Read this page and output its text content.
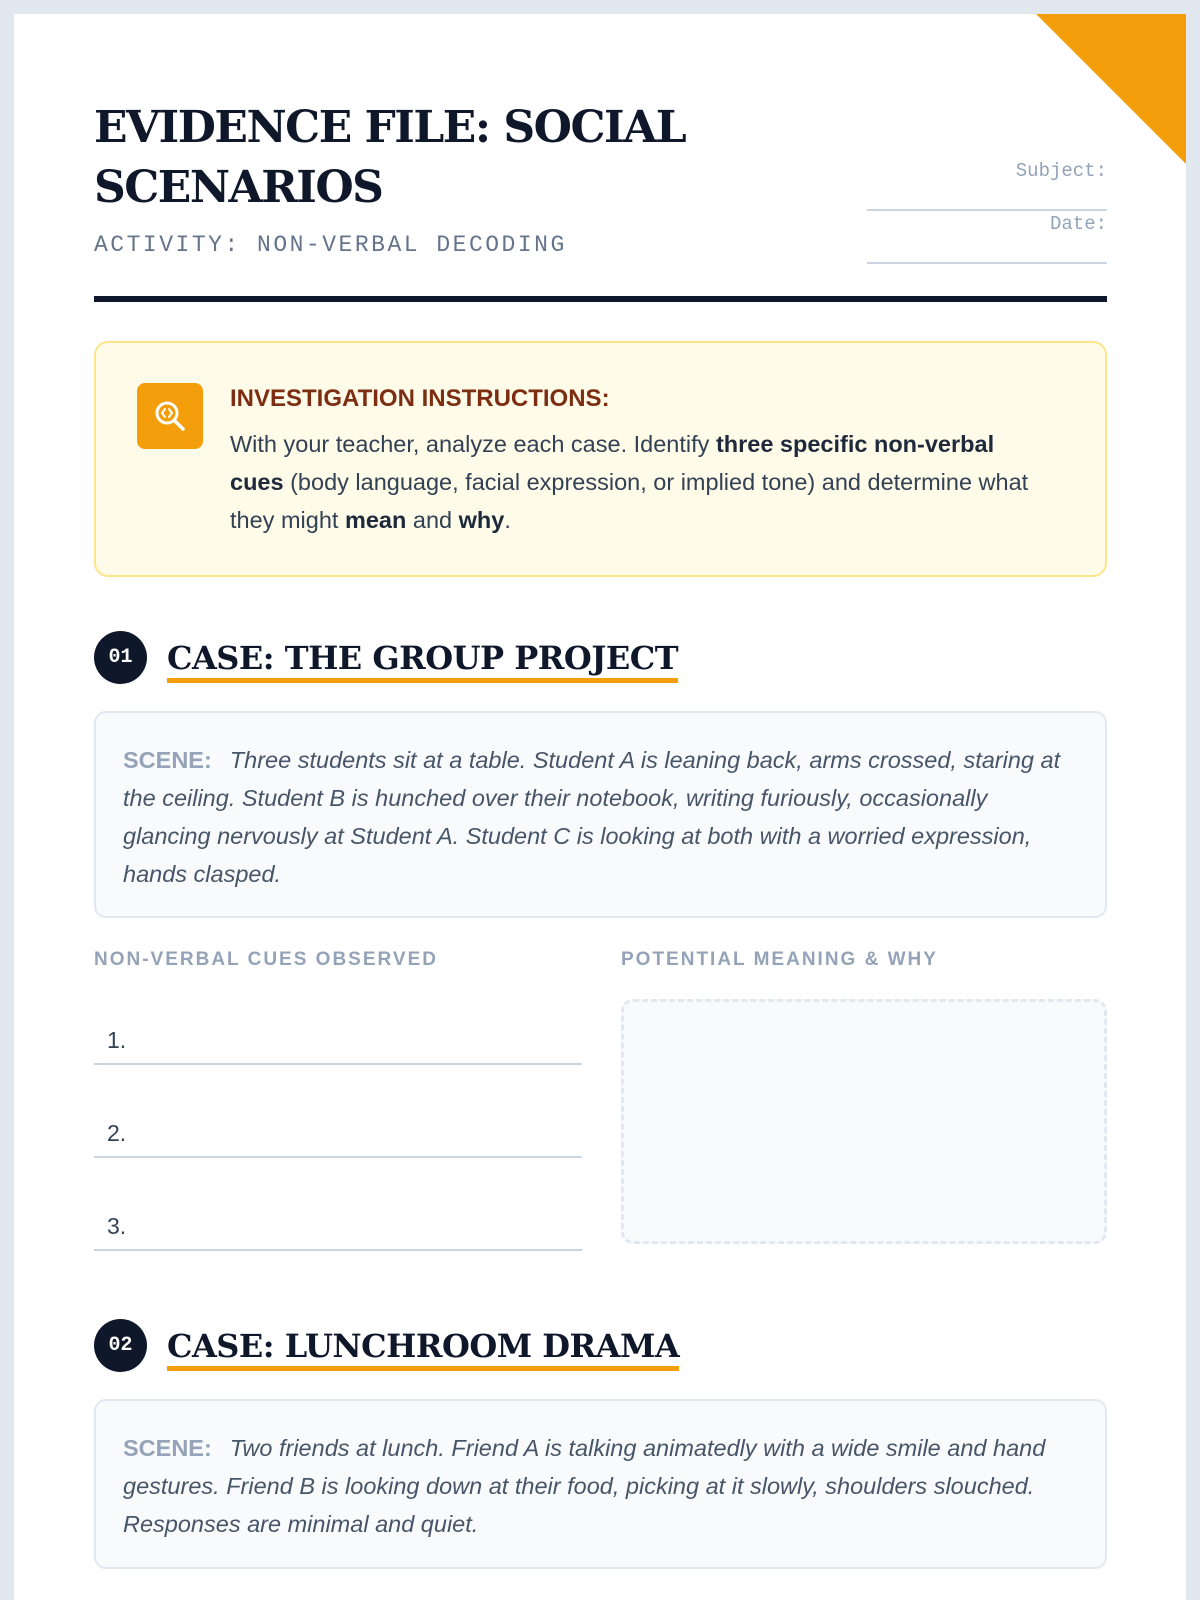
EVIDENCE FILE: SOCIAL SCENARIOS
ACTIVITY: NON-VERBAL DECODING
Subject:
Date:
INVESTIGATION INSTRUCTIONS:

With your teacher, analyze each case. Identify three specific non-verbal cues (body language, facial expression, or implied tone) and determine what they might mean and why.

01	CASE: THE GROUP PROJECT
SCENE: Three students sit at a table. Student A is leaning back, arms crossed, staring at the ceiling. Student B is hunched over their notebook, writing furiously, occasionally glancing nervously at Student A. Student C is looking at both with a worried expression, hands clasped.
NON-VERBAL CUES OBSERVED	POTENTIAL MEANING & WHY
1.
2.
3.
02	CASE: LUNCHROOM DRAMA
SCENE: Two friends at lunch. Friend A is talking animatedly with a wide smile and hand gestures. Friend B is looking down at their food, picking at it slowly, shoulders slouched. Responses are minimal and quiet.
